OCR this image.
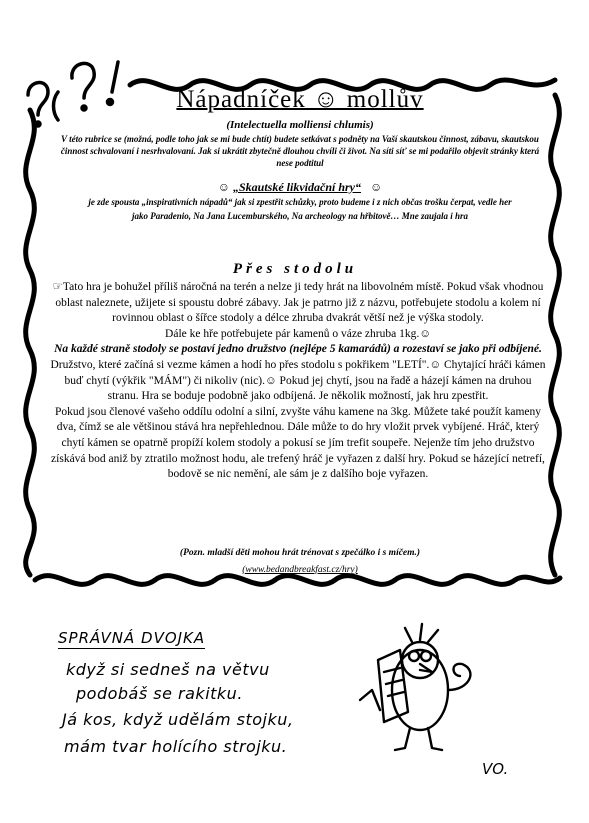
Nápadníček ☺ mollův
(Intelectuella molliensi chlumis)
V této rubrice se (možná, podle toho jak se mi bude chtít) budete setkávat s podněty na Vaší skautskou činnost, zábavu, skautskou činnost schvalovaní i nesrhvalovaní. Jak si ukrátit zbytečně dlouhou chvíli či život. Na síti síť se mi podařilo objevit stránky která nese podtitul
☺ „Skautské likvidační hry“ ☺
je zde spousta „inspirativních nápadů“ jak si zpestřit schůzky, proto budeme i z nich občas trošku čerpat, vedle her jako Paradenio, Na Jana Lucemburského, Na archeology na hřbitově… Mne zaujala i hra
Přes stodolu
☞Tato hra je bohužel příliš náročná na terén a nelze ji tedy hrát na libovolném místě. Pokud však vhodnou oblast naleznete, užijete si spoustu dobré zábavy. Jak je patrno již z názvu, potřebujete stodolu a kolem ní rovinnou oblast o šířce stodoly a délce zhruba dvakrát větší než je výška stodoly.
Dále ke hře potřebujete pár kamenů o váze zhruba 1kg.☺
Na každé straně stodoly se postaví jedno družstvo (nejlépe 5 kamarádů) a rozestaví se jako při odbíjené. Družstvo, které začíná si vezme kámen a hodí ho přes stodolu s pokřikem "LETÍ".☺ Chytající hráči kámen buď chytí (výkřik "MÁM") či nikoliv (nic).☺ Pokud jej chytí, jsou na řadě a házejí kámen na druhou stranu. Hra se boduje podobně jako odbíjená. Je několik možností, jak hru zpestřit.
Pokud jsou členové vašeho oddílu odolní a silní, zvyšte váhu kamene na 3kg. Můžete také použít kameny dva, čímž se ale většinou stává hra nepřehlednou. Dále může to do hry vložit prvek vybíjené. Hráč, který chytí kámen se opatrně propíží kolem stodoly a pokusí se jím trefit soupeře. Nejenže tím jeho družstvo získává bod aniž by ztratilo možnost hodu, ale trefený hráč je vyřazen z další hry. Pokud se házející netrefí, bodově se nic nemění, ale sám je z dalšího boje vyřazen.
(Pozn. mladší děti mohou hrát trénovat s zpečálko i s míčem.)
(www.bedandbreakfast.cz/hry)
SPRÁVNÁ DVOJKA
když si sedneš na větvu
podobáš se rakitku.
Já kos, když udělám stojku,
mám tvar holícího strojku.
VO.
